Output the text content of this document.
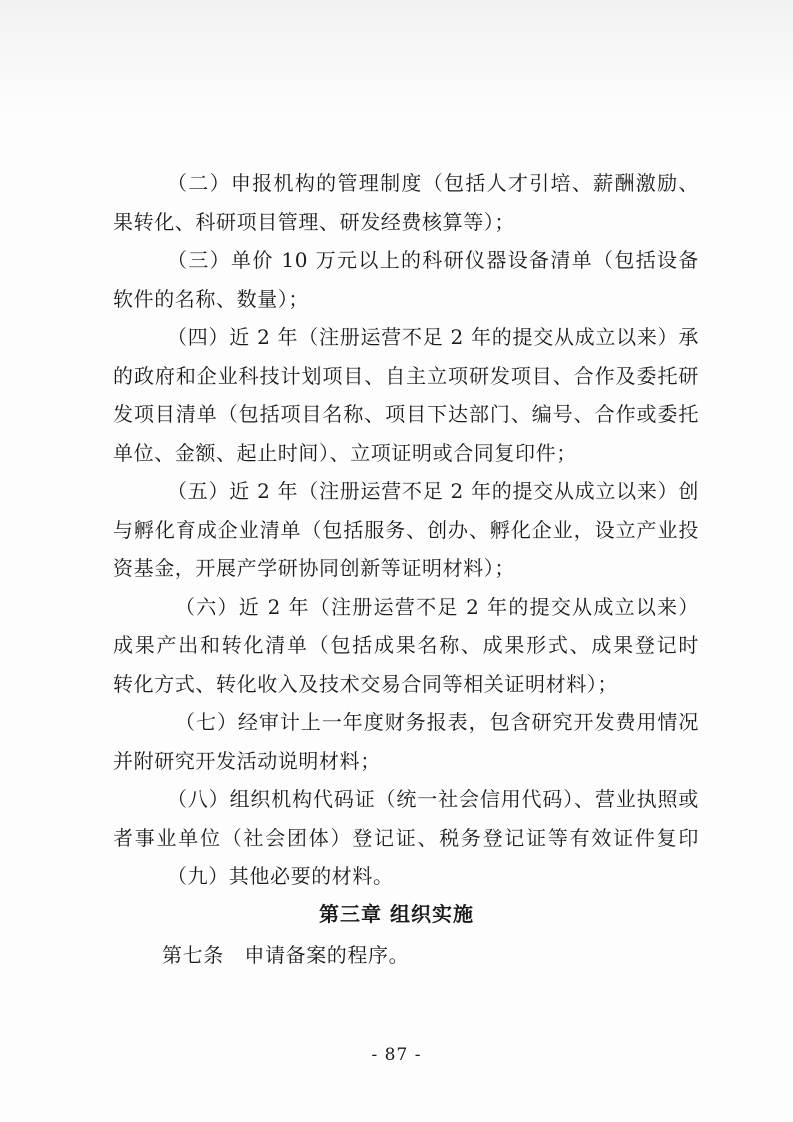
（二）申报机构的管理制度（包括人才引培、薪酬激励、
果转化、科研项目管理、研发经费核算等）；
（三）单价 10 万元以上的科研仪器设备清单（包括设备
软件的名称、数量）；
（四）近 2 年（注册运营不足 2 年的提交从成立以来）承
的政府和企业科技计划项目、自主立项研发项目、合作及委托研
发项目清单（包括项目名称、项目下达部门、编号、合作或委托
单位、金额、起止时间）、立项证明或合同复印件；
（五）近 2 年（注册运营不足 2 年的提交从成立以来）创
与孵化育成企业清单（包括服务、创办、孵化企业，设立产业投
资基金，开展产学研协同创新等证明材料）；
（六）近 2 年（注册运营不足 2 年的提交从成立以来）
成果产出和转化清单（包括成果名称、成果形式、成果登记时
转化方式、转化收入及技术交易合同等相关证明材料）；
（七）经审计上一年度财务报表，包含研究开发费用情况
并附研究开发活动说明材料；
（八）组织机构代码证（统一社会信用代码）、营业执照或
者事业单位（社会团体）登记证、税务登记证等有效证件复印
（九）其他必要的材料。
第三章 组织实施
第七条　申请备案的程序。
- 87 -
